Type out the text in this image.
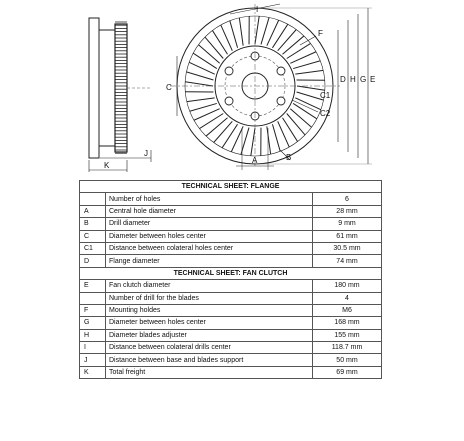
K
J
C
A	B
I
F
C1
C2
D H G E
TECHNICAL SHEET: FLANGE		
	Number of holes	6
A	Central hole diameter	28 mm
B	Drill diameter	9 mm
C	Diameter between holes center	61 mm
C1	Distance between colateral holes center	30.5 mm
D	Flange diameter	74 mm
TECHNICAL SHEET: FAN CLUTCH		
E	Fan clutch diameter	180 mm
	Number of drill for the blades	4
F	Mounting holdes	M6
G	Diameter between holes center	168 mm
H	Diameter blades adjuster	155 mm
I	Distance between colateral drills center	118.7 mm
J	Distance between base and blades support	50 mm
K	Total freight	69 mm
